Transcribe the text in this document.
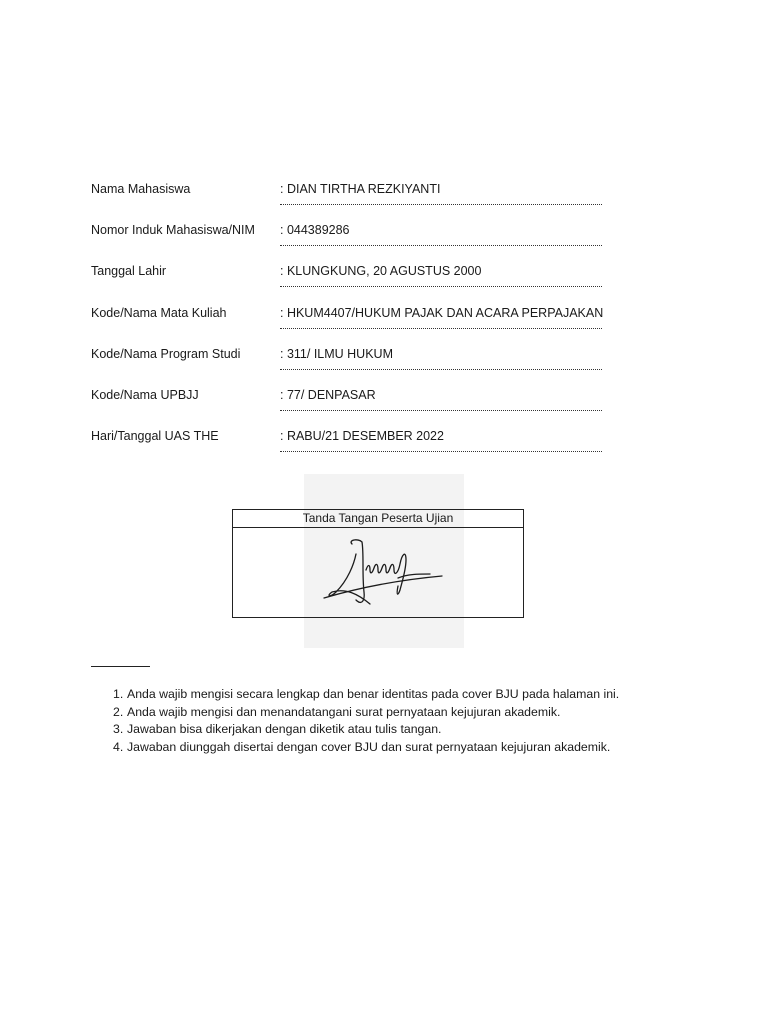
Nama Mahasiswa	: DIAN TIRTHA REZKIYANTI
Nomor Induk Mahasiswa/NIM : 044389286
Tanggal Lahir	: KLUNGKUNG, 20 AGUSTUS 2000
Kode/Nama Mata Kuliah	: HKUM4407/HUKUM PAJAK DAN ACARA PERPAJAKAN
Kode/Nama Program Studi	: 311/ ILMU HUKUM
Kode/Nama UPBJJ	: 77/ DENPASAR
Hari/Tanggal UAS THE	: RABU/21 DESEMBER 2022
Tanda Tangan Peserta Ujian
1. Anda wajib mengisi secara lengkap dan benar identitas pada cover BJU pada halaman ini.
2. Anda wajib mengisi dan menandatangani surat pernyataan kejujuran akademik.
3. Jawaban bisa dikerjakan dengan diketik atau tulis tangan.
4. Jawaban diunggah disertai dengan cover BJU dan surat pernyataan kejujuran akademik.
